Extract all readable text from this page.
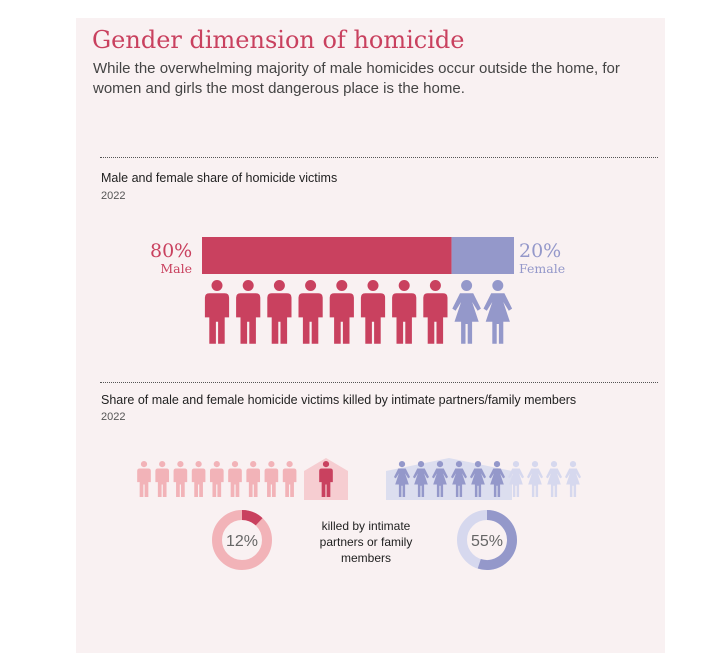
Gender dimension of homicide
While the overwhelming majority of male homicides occur outside the home, for women and girls the most dangerous place is the home.
Male and female share of homicide victims
2022
80%
Male
20%
Female
Share of male and female homicide victims killed by intimate partners/family members
2022
killed by intimate partners or family members
12%	55%
